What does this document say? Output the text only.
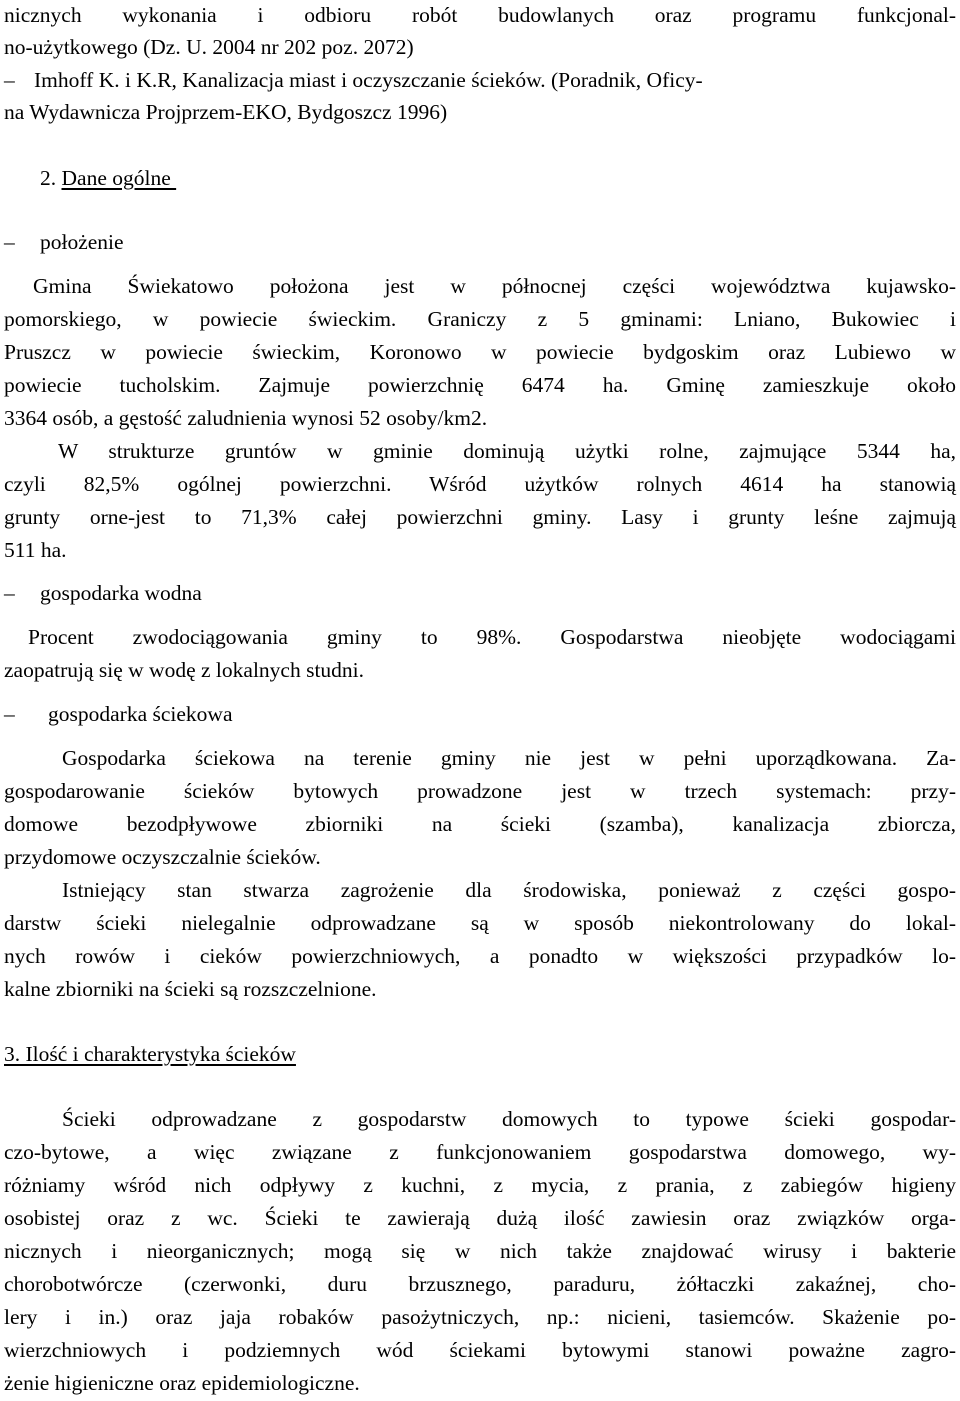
nicznych wykonania i odbioru robót budowlanych oraz programu funkcjonal-
no-użytkowego (Dz. U. 2004 nr 202 poz. 2072)
– Imhoff K. i K.R, Kanalizacja miast i oczyszczanie ścieków. (Poradnik, Oficy-
na Wydawnicza Projprzem-EKO, Bydgoszcz 1996)
2. Dane ogólne
– położenie
Gmina Świekatowo położona jest w północnej części województwa kujawsko-
pomorskiego, w powiecie świeckim. Graniczy z 5 gminami: Lniano, Bukowiec i
Pruszcz w powiecie świeckim, Koronowo w powiecie bydgoskim oraz Lubiewo w
powiecie tucholskim. Zajmuje powierzchnię 6474 ha. Gminę zamieszkuje około
3364 osób, a gęstość zaludnienia wynosi 52 osoby/km2.
W strukturze gruntów w gminie dominują użytki rolne, zajmujące 5344 ha,
czyli 82,5% ogólnej powierzchni. Wśród użytków rolnych 4614 ha stanowią
grunty orne-jest to 71,3% całej powierzchni gminy. Lasy i grunty leśne zajmują
511 ha.
– gospodarka wodna
Procent zwodociągowania gminy to 98%. Gospodarstwa nieobjęte wodociągami
zaopatrują się w wodę z lokalnych studni.
– gospodarka ściekowa
Gospodarka ściekowa na terenie gminy nie jest w pełni uporządkowana. Za-
gospodarowanie ścieków bytowych prowadzone jest w trzech systemach: przy-
domowe bezodpływowe zbiorniki na ścieki (szamba), kanalizacja zbiorcza,
przydomowe oczyszczalnie ścieków.
Istniejący stan stwarza zagrożenie dla środowiska, ponieważ z części gospo-
darstw ścieki nielegalnie odprowadzane są w sposób niekontrolowany do lokal-
nych rowów i cieków powierzchniowych, a ponadto w większości przypadków lo-
kalne zbiorniki na ścieki są rozszczelnione.
3. Ilość i charakterystyka ścieków
Ścieki odprowadzane z gospodarstw domowych to typowe ścieki gospodar-
czo-bytowe, a więc związane z funkcjonowaniem gospodarstwa domowego, wy-
różniamy wśród nich odpływy z kuchni, z mycia, z prania, z zabiegów higieny
osobistej oraz z wc. Ścieki te zawierają dużą ilość zawiesin oraz związków orga-
nicznych i nieorganicznych; mogą się w nich także znajdować wirusy i bakterie
chorobotwórcze (czerwonki, duru brzusznego, paraduru, żółtaczki zakaźnej, cho-
lery i in.) oraz jaja robaków pasożytniczych, np.: nicieni, tasiemców. Skażenie po-
wierzchniowych i podziemnych wód ściekami bytowymi stanowi poważne zagro-
żenie higieniczne oraz epidemiologiczne.
